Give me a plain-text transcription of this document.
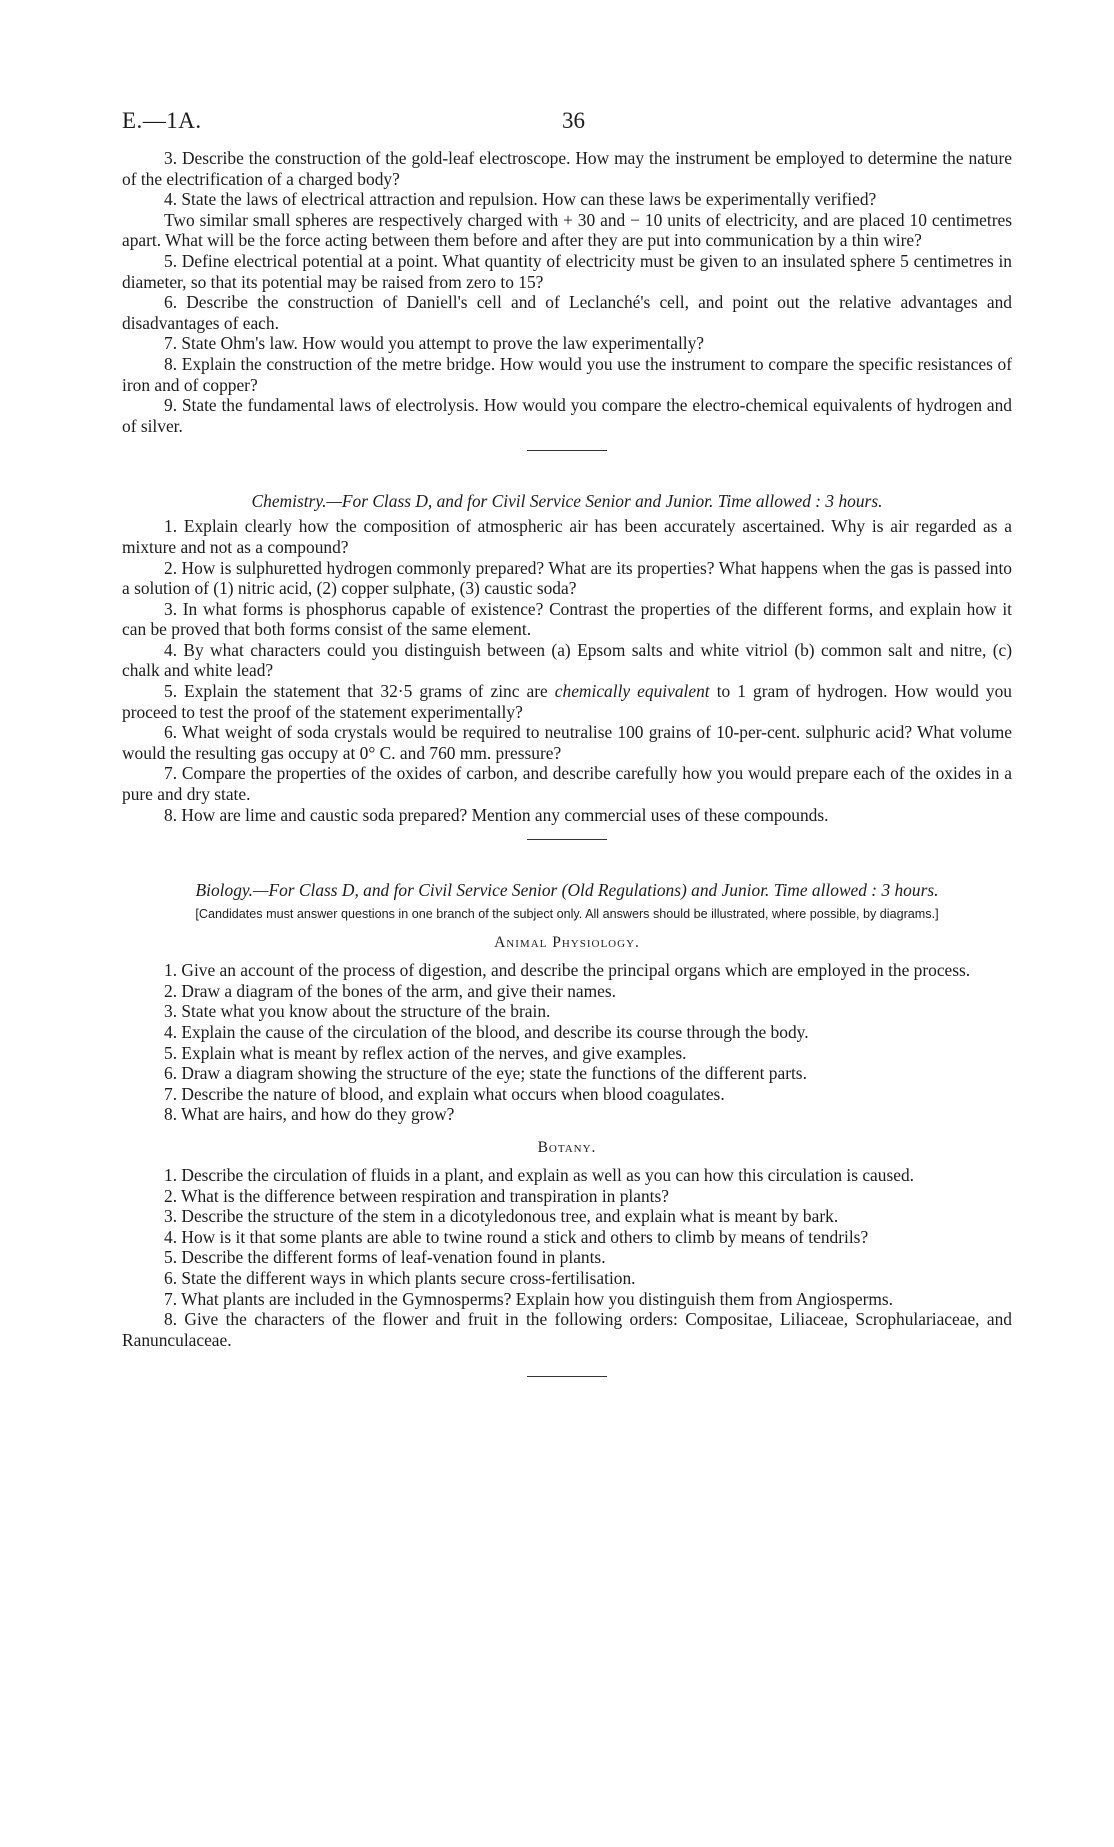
E.—1A.	36

3. Describe the construction of the gold-leaf electroscope. How may the instrument be employed to determine the nature of the electrification of a charged body?

4. State the laws of electrical attraction and repulsion. How can these laws be experimentally verified?

Two similar small spheres are respectively charged with + 30 and − 10 units of electricity, and are placed 10 centimetres apart. What will be the force acting between them before and after they are put into communication by a thin wire?

5. Define electrical potential at a point. What quantity of electricity must be given to an insulated sphere 5 centimetres in diameter, so that its potential may be raised from zero to 15?

6. Describe the construction of Daniell's cell and of Leclanché's cell, and point out the relative advantages and disadvantages of each.

7. State Ohm's law. How would you attempt to prove the law experimentally?

8. Explain the construction of the metre bridge. How would you use the instrument to compare the specific resistances of iron and of copper?

9. State the fundamental laws of electrolysis. How would you compare the electro-chemical equivalents of hydrogen and of silver.

Chemistry.—For Class D, and for Civil Service Senior and Junior. Time allowed : 3 hours.

1. Explain clearly how the composition of atmospheric air has been accurately ascertained. Why is air regarded as a mixture and not as a compound?

2. How is sulphuretted hydrogen commonly prepared? What are its properties? What happens when the gas is passed into a solution of (1) nitric acid, (2) copper sulphate, (3) caustic soda?

3. In what forms is phosphorus capable of existence? Contrast the properties of the different forms, and explain how it can be proved that both forms consist of the same element.

4. By what characters could you distinguish between (a) Epsom salts and white vitriol (b) common salt and nitre, (c) chalk and white lead?

5. Explain the statement that 32·5 grams of zinc are chemically equivalent to 1 gram of hydrogen. How would you proceed to test the proof of the statement experimentally?

6. What weight of soda crystals would be required to neutralise 100 grains of 10-per-cent. sulphuric acid? What volume would the resulting gas occupy at 0° C. and 760 mm. pressure?

7. Compare the properties of the oxides of carbon, and describe carefully how you would prepare each of the oxides in a pure and dry state.

8. How are lime and caustic soda prepared? Mention any commercial uses of these compounds.

Biology.—For Class D, and for Civil Service Senior (Old Regulations) and Junior. Time allowed : 3 hours.
[Candidates must answer questions in one branch of the subject only. All answers should be illustrated, where possible, by diagrams.]
Animal Physiology.

1. Give an account of the process of digestion, and describe the principal organs which are employed in the process.

2. Draw a diagram of the bones of the arm, and give their names.

3. State what you know about the structure of the brain.

4. Explain the cause of the circulation of the blood, and describe its course through the body.

5. Explain what is meant by reflex action of the nerves, and give examples.

6. Draw a diagram showing the structure of the eye; state the functions of the different parts.

7. Describe the nature of blood, and explain what occurs when blood coagulates.

8. What are hairs, and how do they grow?

Botany.

1. Describe the circulation of fluids in a plant, and explain as well as you can how this circulation is caused.

2. What is the difference between respiration and transpiration in plants?

3. Describe the structure of the stem in a dicotyledonous tree, and explain what is meant by bark.

4. How is it that some plants are able to twine round a stick and others to climb by means of tendrils?

5. Describe the different forms of leaf-venation found in plants.

6. State the different ways in which plants secure cross-fertilisation.

7. What plants are included in the Gymnosperms? Explain how you distinguish them from Angiosperms.

8. Give the characters of the flower and fruit in the following orders: Compositae, Liliaceae, Scrophulariaceae, and Ranunculaceae.
